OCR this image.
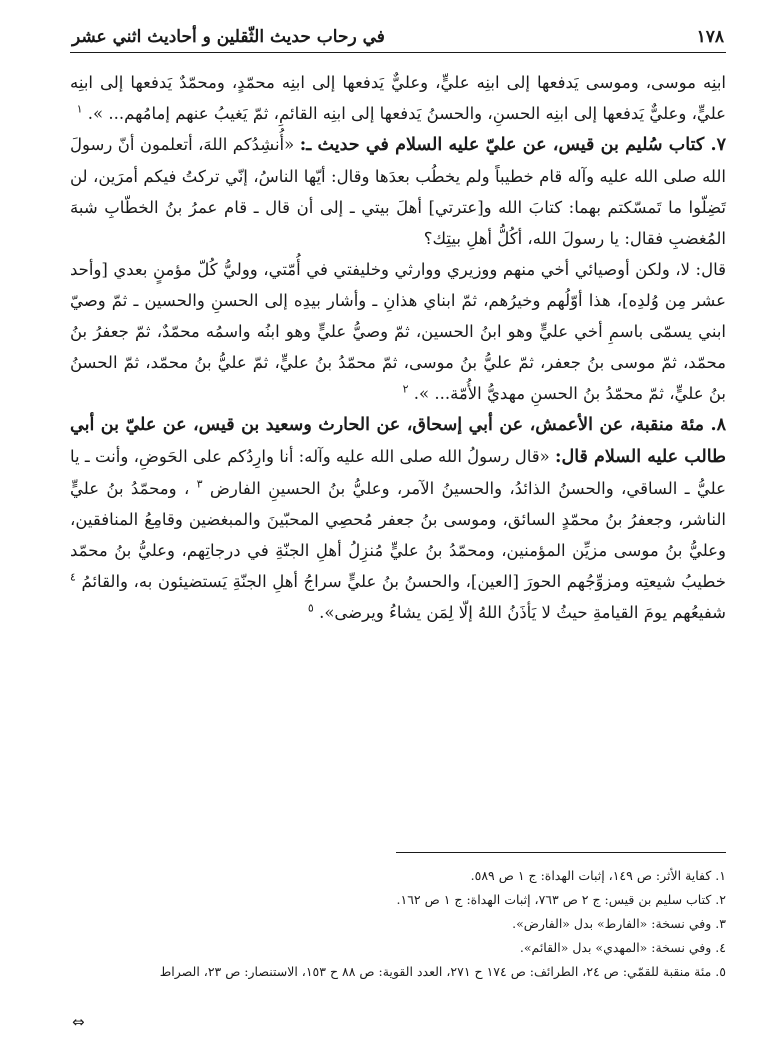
١٧٨
في رحاب حديث الثّقلين و أحاديث اثني عشر

ابنِه موسى، وموسى يَدفعها إلى ابنِه عليٍّ، وعليٌّ يَدفعها إلى ابنِه محمّدٍ، ومحمّدٌ يَدفعها إلى ابنِه عليٍّ، وعليٌّ يَدفعها إلى ابنِه الحسنِ، والحسنُ يَدفعها إلى ابنِه القائمِ، ثمّ يَغيبُ عنهم إمامُهم... ». $^١$

٧. كتاب سُليم بن قيس، عن عليّ عليه السلام في حديث ـ: «أُنشِدُكم اللهَ، أتعلمون أنّ رسولَ الله صلى الله عليه وآله قام خطيباً ولم يخطُب بعدَها وقال: أيّها الناسُ، إنّي تركتُ فيكم أمرَين، لن تَضِلّوا ما تَمسّكتم بهما: كتابَ الله و[عترتي] أهلَ بيتي ـ إلى أن قال ـ قام عمرُ بنُ الخطّابِ شبهَ المُغضبِ فقال: يا رسولَ الله، أكُلُّ أهلِ بيتِك؟

قال: لا، ولكن أوصيائي أخي منهم ووزيري ووارثي وخليفتي في أُمّتي، ووليُّ كُلّ مؤمنٍ بعدي [وأحد عشر مِن وُلدِه]، هذا أوّلُهم وخيرُهم، ثمّ ابناي هذانِ ـ وأشار بيدِه إلى الحسنِ والحسين ـ ثمّ وصيّ ابني يسمّى باسمِ أخي عليٍّ وهو ابنُ الحسين، ثمّ وصيُّ عليٍّ وهو ابنُه واسمُه محمّدٌ، ثمّ جعفرُ بنُ محمّد، ثمّ موسى بنُ جعفر، ثمّ عليُّ بنُ موسى، ثمّ محمّدُ بنُ عليٍّ، ثمّ عليُّ بنُ محمّد، ثمّ الحسنُ بنُ عليٍّ، ثمّ محمّدُ بنُ الحسنِ مهديُّ الأُمّة... ». $^٢$

٨. مئة منقبة، عن الأعمش، عن أبي إسحاق، عن الحارث وسعيد بن قيس، عن عليّ بن أبي طالب عليه السلام قال: «قال رسولُ الله صلى الله عليه وآله: أنا وارِدُكم على الحَوضِ، وأنت ـ يا عليُّ ـ الساقي، والحسنُ الذائدُ، والحسينُ الآمر، وعليُّ بنُ الحسينِ الفارض $^٣$ ، ومحمّدُ بنُ عليٍّ الناشر، وجعفرُ بنُ محمّدٍ السائق، وموسى بنُ جعفر مُحصِي المحبّينَ والمبغضين وقامِعُ المنافقين، وعليُّ بنُ موسى مزيِّن المؤمنين، ومحمّدُ بنُ عليٍّ مُنزِلُ أهلِ الجنّةِ في درجاتِهم، وعليُّ بنُ محمّد خطيبُ شيعتِه ومزوِّجُهم الحورَ [العين]، والحسنُ بنُ عليٍّ سراجُ أهلِ الجنّةِ يَستضيئون به، والقائمُ $^٤$ شفيعُهم يومَ القيامةِ حيثُ لا يَأذَنُ اللهُ إلّا لِمَن يشاءُ ويرضى». $^٥$

١. كفاية الأثر: ص ١٤٩، إثبات الهداة: ج ١ ص ٥٨٩.

٢. كتاب سليم بن قيس: ج ٢ ص ٧٦٣، إثبات الهداة: ج ١ ص ١٦٢.

٣. وفي نسخة: «الفارط» بدل «الفارض».

٤. وفي نسخة: «المهدي» بدل «القائم».

٥. مئة منقبة للقمّي: ص ٢٤، الطرائف: ص ١٧٤ ح ٢٧١، العدد القوية: ص ٨٨ ح ١٥٣، الاستنصار: ص ٢٣، الصراط

⇔
